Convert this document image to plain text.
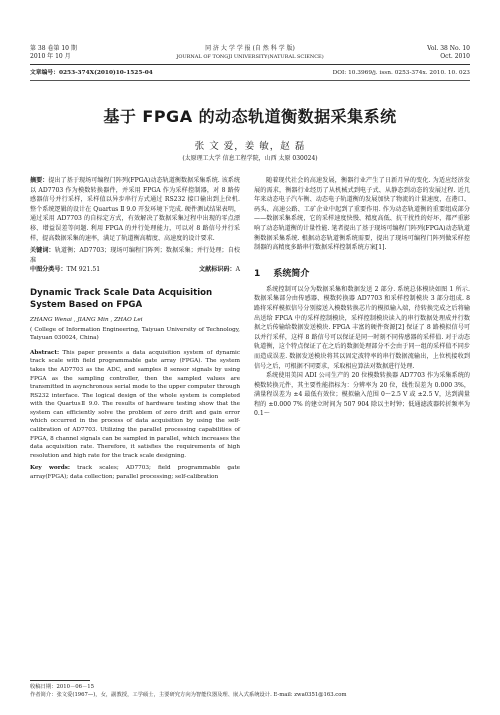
第 38 卷第 10 期
2010 年 10 月
同 济 大 学 学 报 (自 然 科 学 版)
JOURNAL OF TONGJI UNIVERSITY(NATURAL SCIENCE)
Vol. 38 No. 10
Oct. 2010
文章编号：0253-374X(2010)10-1525-04	DOI: 10.3969/j. issn. 0253-374x. 2010. 10. 023
基于 FPGA 的动态轨道衡数据采集系统
张 文 爱，姜 敏，赵 磊
(太原理工大学 信息工程学院，山西 太原 030024)

摘要：提出了基于现场可编程门阵列(FPGA)动态轨道衡数据采集系统. 该系统以 AD7703 作为模数转换器件，并采用 FPGA 作为采样控制器，对 8 路传感器信号并行采样，采样值以异步串行方式通过 RS232 接口输出到上位机. 整个系统逻辑的设计在 Quartus Ⅱ 9.0 开发环境下完成. 硬件测试结果表明，通过采用 AD7703 的自标定方式，有效解决了数据采集过程中出现的零点漂移、增益误差等问题. 利用 FPGA 的并行处理能力，可以对 8 路信号并行采样，提高数据采集的速率，满足了轨道衡高精度、高速度的设计要求.

关键词：轨道衡；AD7703；现场可编程门阵列；数据采集；并行处理；自校准

中图分类号：TM 921.51	文献标识码：A

Dynamic Track Scale Data Acquisition System Based on FPGA

ZHANG Wenai , JIANG Min , ZHAO Lei

( College of Information Engineering, Taiyuan University of Technology, Taiyuan 030024, China)

Abstract: This paper presents a data acquisition system of dynamic track scale with field programmable gate array (FPGA). The system takes the AD7703 as the ADC, and samples 8 sensor signals by using FPGA as the sampling controller, then the sampled values are transmitted in asynchronous serial mode to the upper computer through RS232 interface. The logical design of the whole system is completed with the QuartusⅡ 9.0. The results of hardware testing show that the system can efficiently solve the problem of zero drift and gain error which occurred in the process of data acquisition by using the self-calibration of AD7703. Utilizing the parallel processing capabilities of FPGA, 8 channel signals can be sampled in parallel, which increases the data acquisition rate. Therefore, it satisfies the requirements of high resolution and high rate for the track scale designing.

Key words: track scales; AD7703; field programmable gate array(FPGA); data collection; parallel processing; self-calibration

随着现代社会的高速发展，衡器行业产生了日新月异的变化. 为适应经济发展的需求，衡器行业经历了从机械式到电子式、从静态到动态的发展过程. 近几年来动态电子汽车衡、动态电子轨道衡的发展加快了物流的计量速度，在港口、码头、高速公路、工矿企业中起到了重要作用. 作为动态轨道衡的重要组成部分——数据采集系统，它的采样速度快慢、精度高低、抗干扰性的好坏，都严重影响了动态轨道衡的计量性能. 笔者提出了基于现场可编程门阵列(FPGA)动态轨道衡数据采集系统. 根据动态轨道衡系统需要，提出了现场可编程门阵列做采样控制器的高精度多路串行数据采样控制系统方案[1].

1 系统简介

系统控制可以分为数据采集和数据发送 2 部分. 系统总体模块如图 1 所示. 数据采集部分由传感器、模数转换器 AD7703 和采样控制模块 3 部分组成. 8 路将采样模拟信号分别接送入模数转换芯片的模拟输入端，待转换完成之后将输出送给 FPGA 中的采样控制模块，采样控制模块读入的串行数据处理成并行数据之后传输给数据发送模块. FPGA 丰富的硬件资源[2] 保证了 8 路模拟信号可以并行采样，这样 8 路信号可以保证是同一时刻不同传感器的采样值. 对于动态轨道衡，这个特点保证了在之后的数据处理部分不会由于同一组的采样值不同步而造成误差. 数据发送模块将其以固定波特率的串行数据流输出，上位机接收到信号之后，可根据不同要求，采取相应算法对数据进行处理.

系统使用美国 ADI 公司生产的 20 位模数转换器 AD7703 作为采集系统的模数转换元件，其主要性能指标为：分辨率为 20 位，线性误差为 0.000 3%，满量程误差为 ±4 最低有效位；模拟输入范围 0～2.5 V 或 ±2.5 V，达到满量程的 ±0.000 7% 的建立时间为 507 904 除以主时钟；低通滤波器转折频率为 0.1～

收稿日期：2010－06－15
作者简介：张文爱(1967—)，女，副教授，工学硕士，主要研究方向为智能仪器及理、嵌入式系统设计. E-mail: zwa0351@163.com
